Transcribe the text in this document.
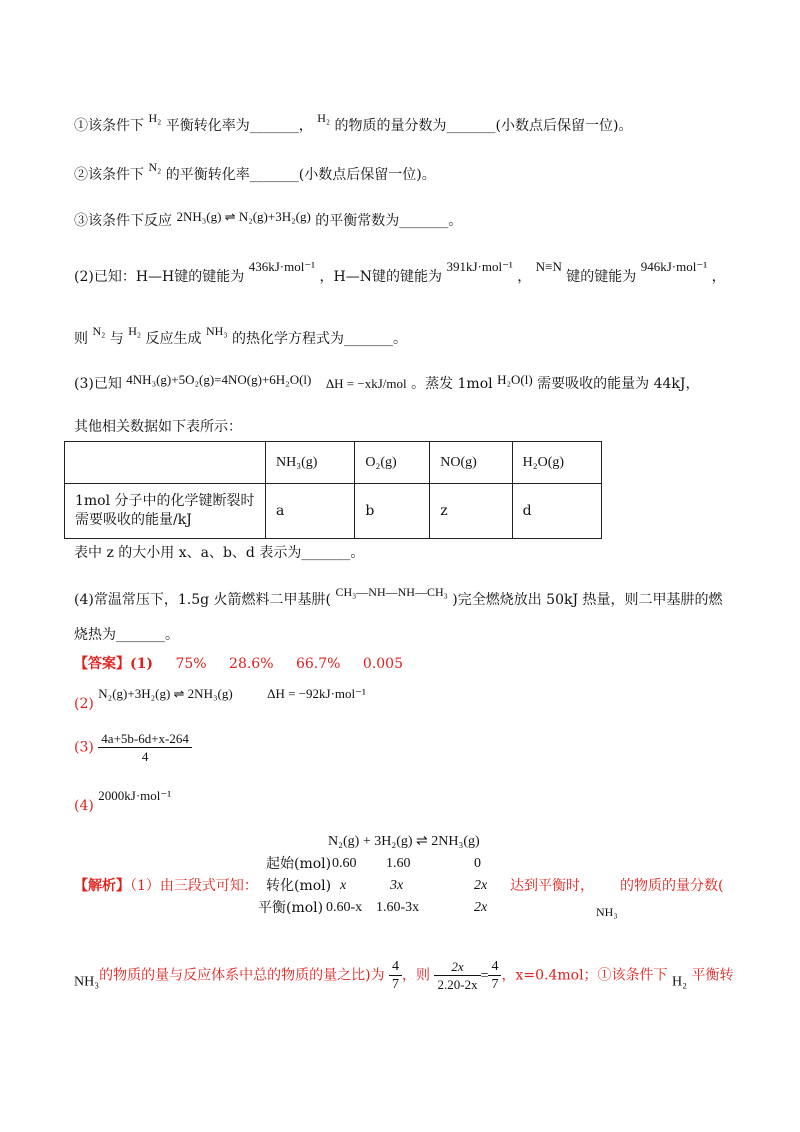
①该条件下 H₂ 平衡转化率为_______， H₂ 的物质的量分数为_______(小数点后保留一位)。
②该条件下 N₂ 的平衡转化率_______(小数点后保留一位)。
③该条件下反应 2NH₃(g) ⇌ N₂(g)+3H₂(g) 的平衡常数为_______。
(2)已知：H—H键的键能为 436kJ·mol⁻¹ ，H—N键的键能为 391kJ·mol⁻¹ ， N≡N 键的键能为 946kJ·mol⁻¹ ，
则 N₂ 与 H₂ 反应生成 NH₃ 的热化学方程式为_______。
(3)已知 4NH₃(g)+5O₂(g)=4NO(g)+6H₂O(l) ΔH = −xkJ/mol 。蒸发 1mol H₂O(l) 需要吸收的能量为 44kJ，
其他相关数据如下表所示：
	NH₃(g)	O₂(g)	NO(g)	H₂O(g)
1mol 分子中的化学键断裂时需要吸收的能量/kJ	a	b	z	d
表中 z 的大小用 x、a、b、d 表示为_______。
(4)常温常压下，1.5g 火箭燃料二甲基肼( CH₃—NH—NH—CH₃ )完全燃烧放出 50kJ 热量，则二甲基肼的燃
烧热为_______。
【答案】(1) 75% 28.6% 66.7% 0.005
(2) N₂(g)+3H₂(g) ⇌ 2NH₃(g)	ΔH = −92kJ·mol⁻¹
$(3) \frac{4a+5b-6d+x-264}{4}$
(4) 2000kJ·mol⁻¹
N₂(g) + 3H₂(g) ⇌ 2NH₃(g)
起始(mol) 0.60 1.60	0
【解析】（1）由三段式可知： 转化(mol) x	3x	2x 达到平衡时， 的物质的量分数(
平衡(mol) 0.60-x 1.60-3x	2x	NH₃
NH₃的物质的量与反应体系中总的物质的量之比)为 $\frac{4}{7}$ ，则 $\frac{2x}{2.20-2x} = \frac{4}{7}$ ，x=0.4mol；①该条件下 H₂ 平衡转
